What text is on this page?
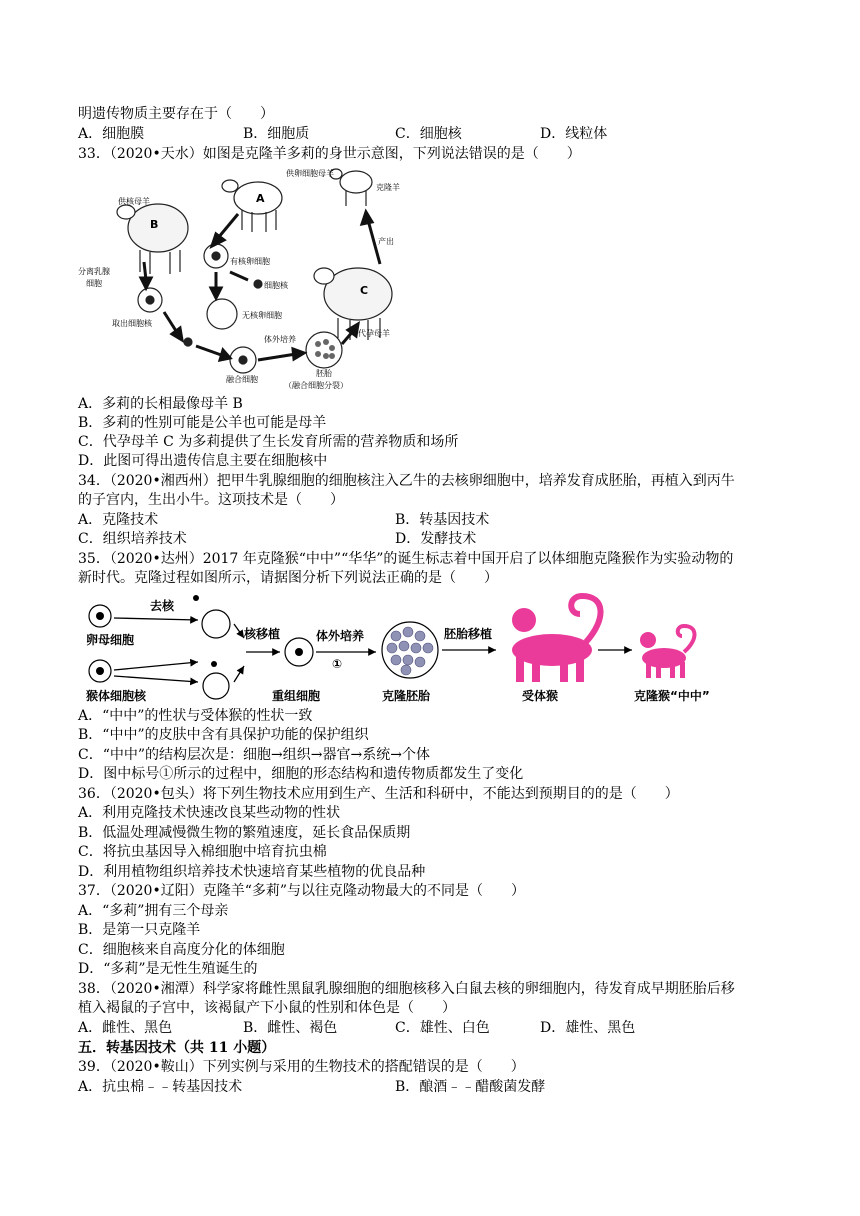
明遗传物质主要存在于（　　）
A．细胞膜	B．细胞质	C．细胞核	D．线粒体
33．（2020•天水）如图是克隆羊多莉的身世示意图，下列说法错误的是（　　）
供卵细胞母羊
克隆羊
供核母羊
分离乳腺
细胞
有核卵细胞
细胞核
无核卵细胞
取出细胞核
体外培养
融合细胞
胚胎
（融合细胞分裂）
代孕母羊
产出
A
B
C
A．多莉的长相最像母羊 B
B．多莉的性别可能是公羊也可能是母羊
C．代孕母羊 C 为多莉提供了生长发育所需的营养物质和场所
D．此图可得出遗传信息主要在细胞核中
34．（2020•湘西州）把甲牛乳腺细胞的细胞核注入乙牛的去核卵细胞中，培养发育成胚胎，再植入到丙牛
的子宫内，生出小牛。这项技术是（　　）
A．克隆技术	B．转基因技术
C．组织培养技术	D．发酵技术
35．（2020•达州）2017 年克隆猴“中中”“华华”的诞生标志着中国开启了以体细胞克隆猴作为实验动物的
新时代。克隆过程如图所示，请据图分析下列说法正确的是（　　）
去核
卵母细胞
猴体细胞核
核移植
重组细胞
体外培养
①
克隆胚胎
胚胎移植
受体猴	克隆猴“中中”
A．“中中”的性状与受体猴的性状一致
B．“中中”的皮肤中含有具保护功能的保护组织
C．“中中”的结构层次是：细胞→组织→器官→系统→个体
D．图中标号①所示的过程中，细胞的形态结构和遗传物质都发生了变化
36．（2020•包头）将下列生物技术应用到生产、生活和科研中，不能达到预期目的的是（　　）
A．利用克隆技术快速改良某些动物的性状
B．低温处理减慢微生物的繁殖速度，延长食品保质期
C．将抗虫基因导入棉细胞中培育抗虫棉
D．利用植物组织培养技术快速培育某些植物的优良品种
37．（2020•辽阳）克隆羊“多莉”与以往克隆动物最大的不同是（　　）
A．“多莉”拥有三个母亲
B．是第一只克隆羊
C．细胞核来自高度分化的体细胞
D．“多莉”是无性生殖诞生的
38．（2020•湘潭）科学家将雌性黑鼠乳腺细胞的细胞核移入白鼠去核的卵细胞内，待发育成早期胚胎后移
植入褐鼠的子宫中，该褐鼠产下小鼠的性别和体色是（　　）
A．雌性、黑色	B．雌性、褐色	C．雄性、白色	D．雄性、黑色
五．转基因技术（共 11 小题）
39．（2020•鞍山）下列实例与采用的生物技术的搭配错误的是（　　）
A．抗虫棉﹣﹣转基因技术	B．酿酒﹣﹣醋酸菌发酵
